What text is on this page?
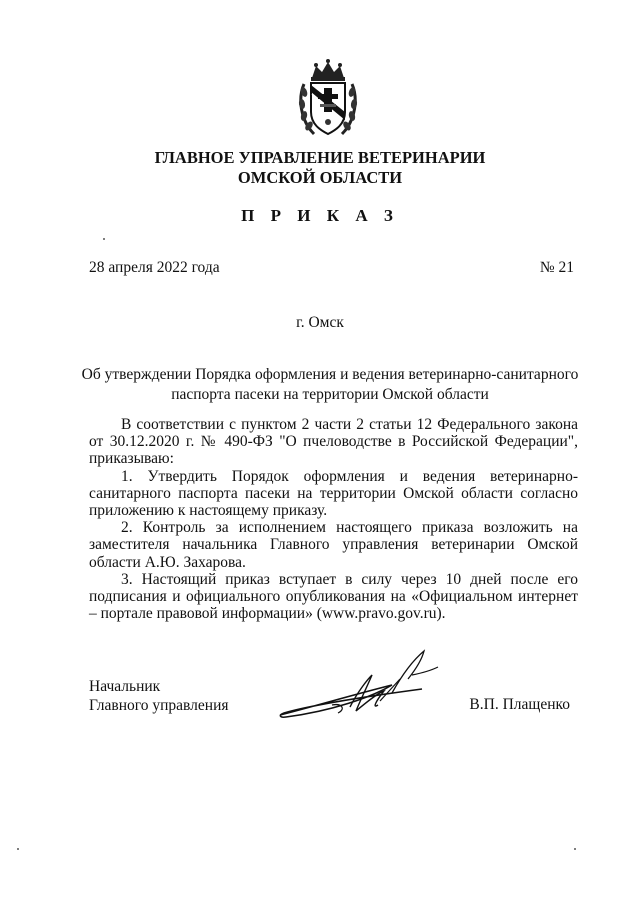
ГЛАВНОЕ УПРАВЛЕНИЕ ВЕТЕРИНАРИИ
ОМСКОЙ ОБЛАСТИ
П Р И К А З
28 апреля 2022 года	№ 21
г. Омск
Об утверждении Порядка оформления и ведения ветеринарно-санитарного
паспорта пасеки на территории Омской области

В соответствии с пунктом 2 части 2 статьи 12 Федерального закона от 30.12.2020 г. № 490-ФЗ "О пчеловодстве в Российской Федерации", приказываю:

1. Утвердить Порядок оформления и ведения ветеринарно-санитарного паспорта пасеки на территории Омской области согласно приложению к настоящему приказу.

2. Контроль за исполнением настоящего приказа возложить на заместителя начальника Главного управления ветеринарии Омской области А.Ю. Захарова.

3. Настоящий приказ вступает в силу через 10 дней после его подписания и официального опубликования на «Официальном интернет – портале правовой информации» (www.pravo.gov.ru).

Начальник
Главного управления	В.П. Плащенко
